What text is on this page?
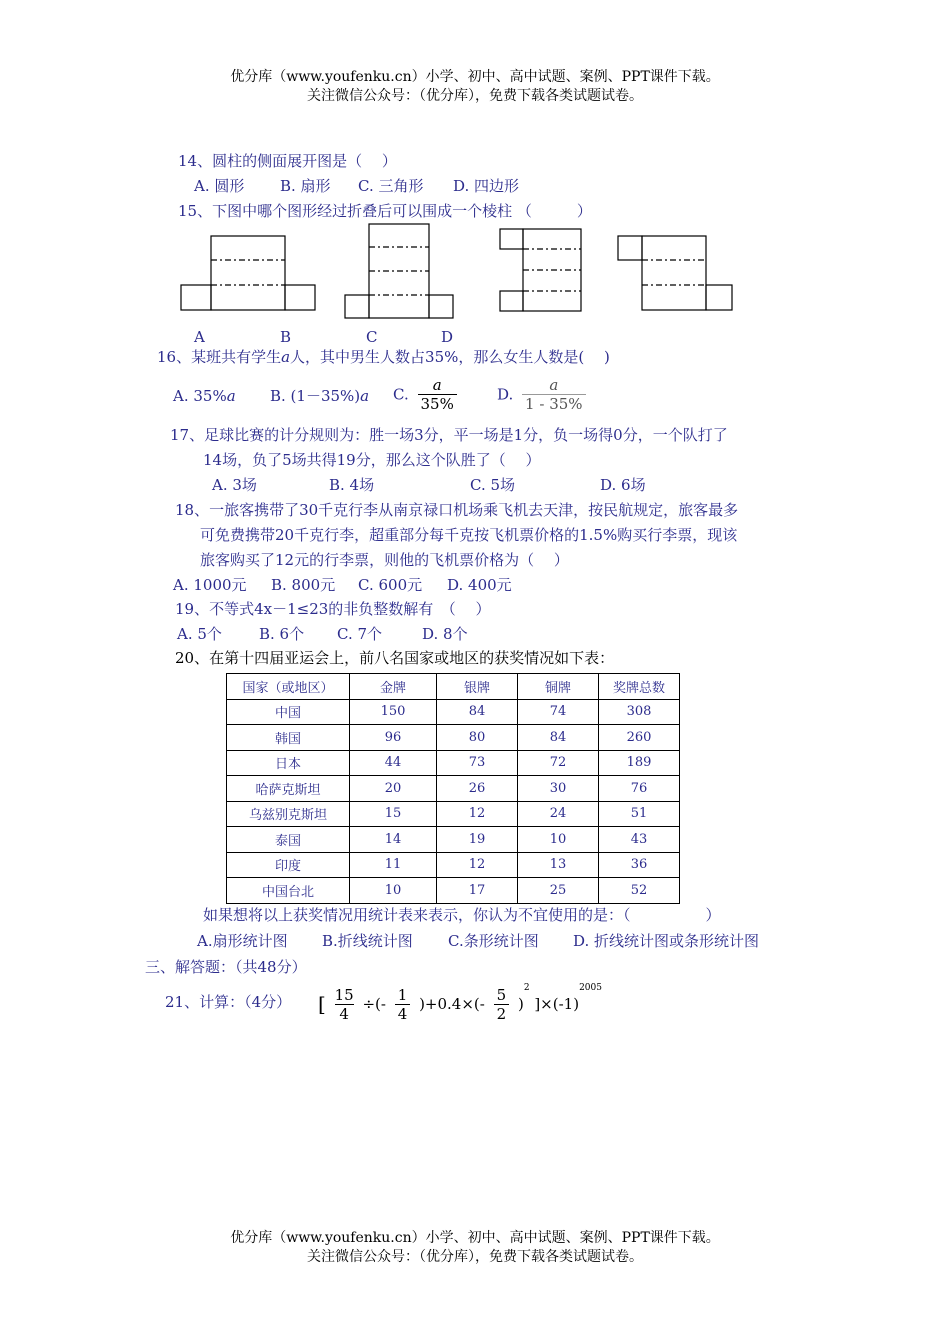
优分库（www.youfenku.cn）小学、初中、高中试题、案例、PPT课件下载。
关注微信公众号：（优分库），免费下载各类试题试卷。
14、圆柱的侧面展开图是（　 ）
A. 圆形 B. 扇形 C. 三角形 D. 四边形
15、下图中哪个图形经过折叠后可以围成一个棱柱 （　　　）
A	B	C	D
16、某班共有学生a人，其中男生人数占35%，那么女生人数是(　 )
A. 35%a B. (1－35%)a C. $\frac{a}{35\%}$	D. $\frac{a}{1 - 35\%}$
17、足球比赛的计分规则为：胜一场3分，平一场是1分，负一场得0分，一个队打了
14场，负了5场共得19分，那么这个队胜了（　 ）
A. 3场	B. 4场	C. 5场	D. 6场
18、一旅客携带了30千克行李从南京禄口机场乘飞机去天津，按民航规定，旅客最多
可免费携带20千克行李，超重部分每千克按飞机票价格的1.5%购买行李票，现该
旅客购买了12元的行李票，则他的飞机票价格为（　 ）
A. 1000元 B. 800元 C. 600元 D. 400元
19、不等式4x－1≤23的非负整数解有　（　 ）
A. 5个 B. 6个 C. 7个	D. 8个
20、在第十四届亚运会上，前八名国家或地区的获奖情况如下表：
国家（或地区）	金牌	银牌	铜牌	奖牌总数
中国	150	84	74	308
韩国	96	80	84	260
日本	44	73	72	189
哈萨克斯坦	20	26	30	76
乌兹别克斯坦	15	12	24	51
泰国	14	19	10	43
印度	11	12	13	36
中国台北	10	17	25	52
如果想将以上获奖情况用统计表来表示，你认为不宜使用的是：（　　　　　）
A.扇形统计图 B.折线统计图 C.条形统计图 D. 折线统计图或条形统计图
三、解答题：（共48分）
21、计算：（4分） [ $\frac{15}{4}$ ÷(- $\frac{1}{4} )+0.4\times(- \frac{5}{2} )^2$ ]$\times(-1)^{2005}$
优分库（www.youfenku.cn）小学、初中、高中试题、案例、PPT课件下载。
关注微信公众号：（优分库），免费下载各类试题试卷。
